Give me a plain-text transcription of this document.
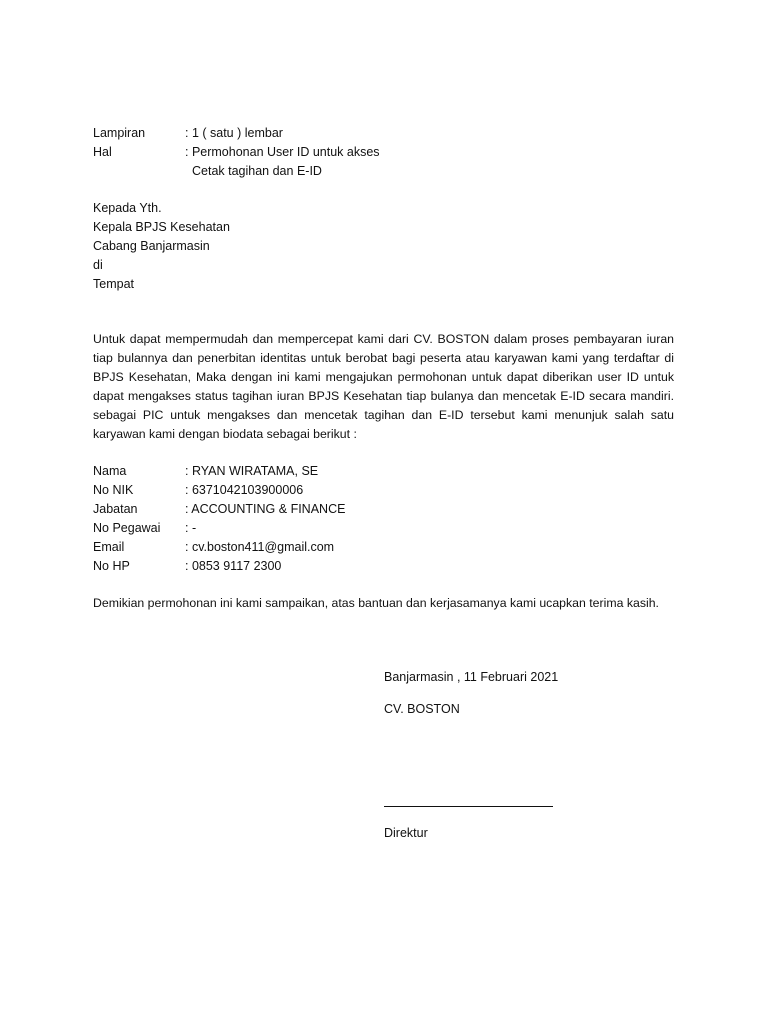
Lampiran	: 1 ( satu ) lembar
Hal	: Permohonan User ID untuk akses
Cetak tagihan dan E-ID
Kepada Yth.
Kepala BPJS Kesehatan
Cabang Banjarmasin
di
Tempat
Untuk dapat mempermudah dan mempercepat kami dari CV. BOSTON dalam proses pembayaran iuran tiap bulannya dan penerbitan identitas untuk berobat bagi peserta atau karyawan kami yang terdaftar di BPJS Kesehatan, Maka dengan ini kami mengajukan permohonan untuk dapat diberikan user ID untuk dapat mengakses status tagihan iuran BPJS Kesehatan tiap bulanya dan mencetak E-ID secara mandiri. sebagai PIC untuk mengakses dan mencetak tagihan dan E-ID tersebut kami menunjuk salah satu karyawan kami dengan biodata sebagai berikut :
Nama	: RYAN WIRATAMA, SE
No NIK	: 6371042103900006
Jabatan	: ACCOUNTING & FINANCE
No Pegawai	: -
Email	: cv.boston411@gmail.com
No HP	: 0853 9117 2300
Demikian permohonan ini kami sampaikan, atas bantuan dan kerjasamanya kami ucapkan terima kasih.
Banjarmasin , 11 Februari 2021
CV. BOSTON
Direktur
